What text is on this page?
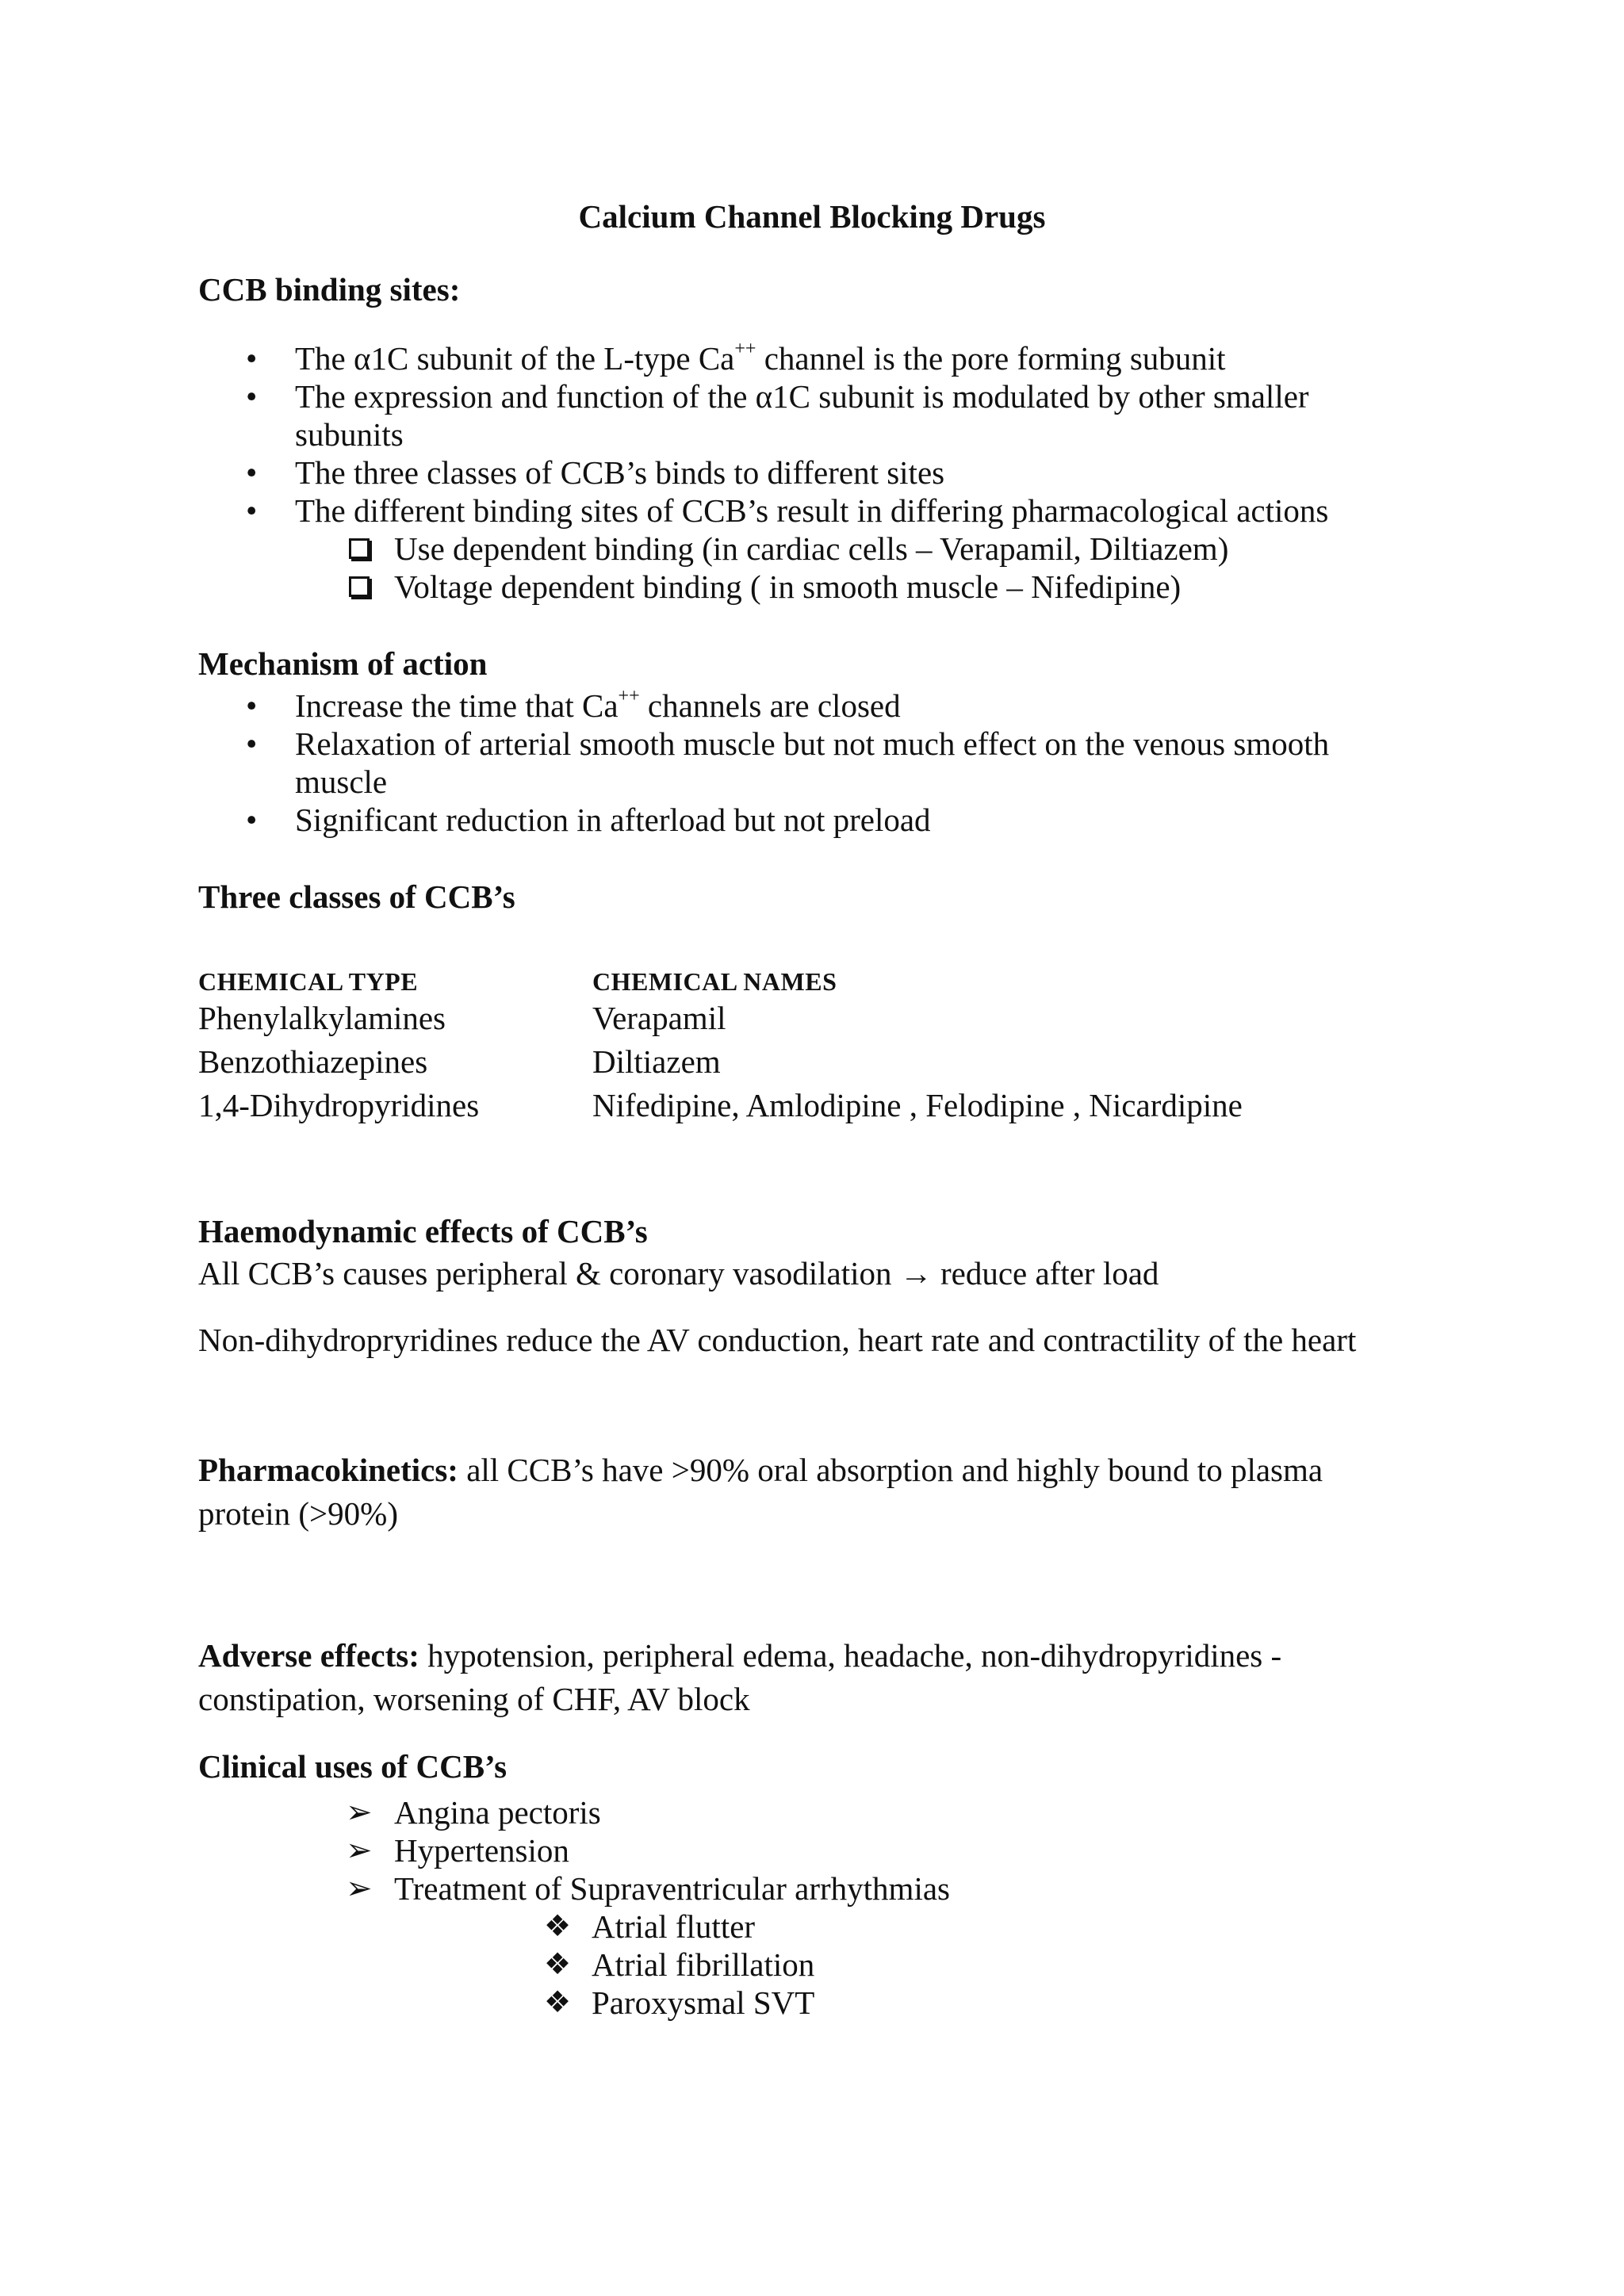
Calcium Channel Blocking Drugs
CCB binding sites:
• The α1C subunit of the L-type Ca++ channel is the pore forming subunit
• The expression and function of the α1C subunit is modulated by other smaller
subunits
• The three classes of CCB’s binds to different sites
• The different binding sites of CCB’s result in differing pharmacological actions
Use dependent binding (in cardiac cells – Verapamil, Diltiazem)
Voltage dependent binding ( in smooth muscle – Nifedipine)
Mechanism of action
• Increase the time that Ca++ channels are closed
• Relaxation of arterial smooth muscle but not much effect on the venous smooth
muscle
• Significant reduction in afterload but not preload
Three classes of CCB’s
CHEMICAL TYPE	CHEMICAL NAMES
Phenylalkylamines	Verapamil
Benzothiazepines	Diltiazem
1,4-Dihydropyridines	Nifedipine, Amlodipine , Felodipine , Nicardipine
Haemodynamic effects of CCB’s
All CCB’s causes peripheral & coronary vasodilation → reduce after load
Non-dihydropryridines reduce the AV conduction, heart rate and contractility of the heart
Pharmacokinetics: all CCB’s have >90% oral absorption and highly bound to plasma
protein (>90%)
Adverse effects: hypotension, peripheral edema, headache, non-dihydropyridines -
constipation, worsening of CHF, AV block
Clinical uses of CCB’s
➢ Angina pectoris
➢ Hypertension
➢ Treatment of Supraventricular arrhythmias
❖ Atrial flutter
❖ Atrial fibrillation
❖ Paroxysmal SVT
